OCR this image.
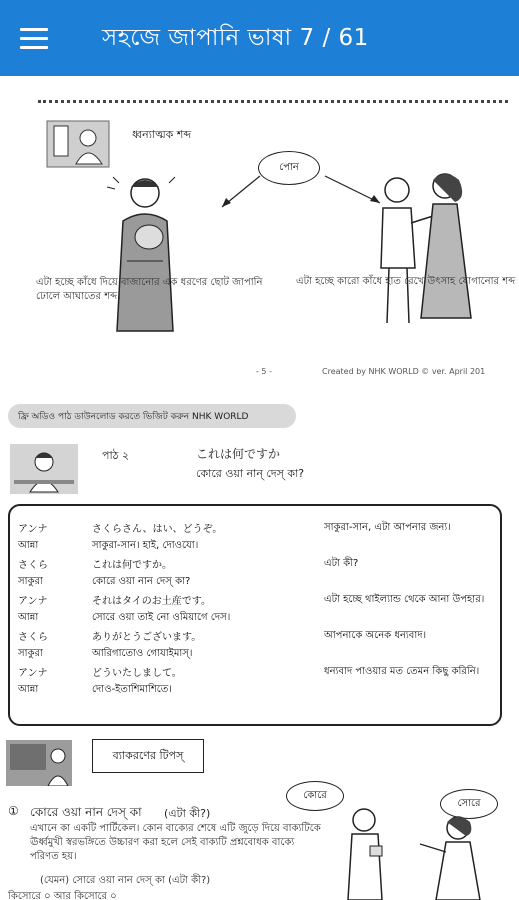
সহজে জাপানি ভাষা 7 / 61
ধ্বন্যাত্মক শব্দ
পোন
এটা হচ্ছে কাঁধে দিয়ে বাজানোর এক ধরণের ছোট জাপানি
ঢোলে আঘাতের শব্দ।
এটা হচ্ছে কারো কাঁধে হাত রেখে উৎসাহ যোগানোর শব্দ
- 5 -	Created by NHK WORLD © ver. April 201
ফ্রি অডিও পাঠ ডাউনলোড করতে ভিজিট করুন NHK WORLD
পাঠ ২	これは何ですか
কোরে ওয়া নান্ দেস্ কা?
アンナ	さくらさん、はい、どうぞ。	সাকুরা-সান, এটা আপনার জন্য।
আন্না	সাকুরা-সান। হাই, দোওযো।
さくら	これは何ですか。	এটা কী?
সাকুরা	কোরে ওয়া নান দেস্ কা?
アンナ	それはタイのお土産です。	এটা হচ্ছে থাইল্যান্ড থেকে আনা উপহার।
আন্না	সোরে ওয়া তাই নো ওমিয়াগে দেস।
さくら	ありがとうございます。	আপনাকে অনেক ধন্যবাদ।
সাকুরা	আরিগাতোও গোযাইমাস্।
アンナ	どういたしまして。	ধন্যবাদ পাওয়ার মত তেমন কিছু করিনি।
আন্না	দোও-ইতাশিমাশিতে।
ব্যাকরণের টিপস্
① কোরে ওয়া নান দেস্ কা (এটা কী?)
এখানে কা একটি পার্টিকেল। কোন বাক্যের শেষে এটি জুড়ে দিয়ে বাক্যটিকে
ঊর্ধ্বমুখী স্বরভঙ্গিতে উচ্চারণ করা হলে সেই বাক্যটি প্রশ্নবোধক বাক্যে
পরিণত হয়।
(যেমন) সোরে ওয়া নান দেস্ কা (এটা কী?)
কিসোরে ০ আর কিসোরে ০
কোরে
সোরে
